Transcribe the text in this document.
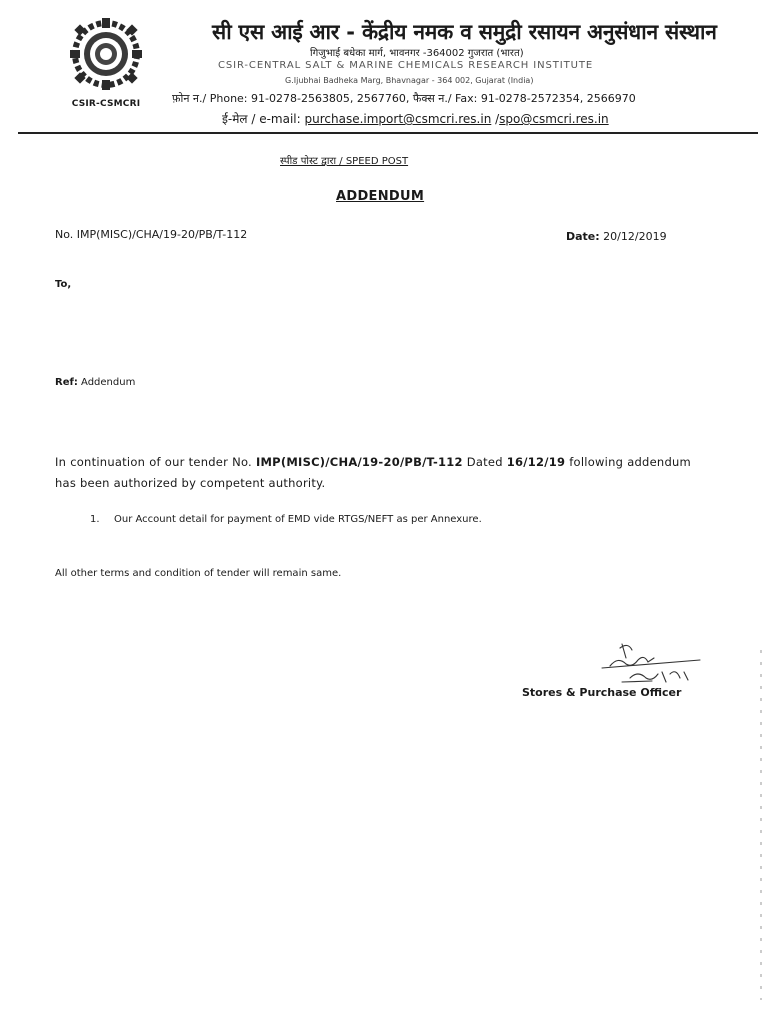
CSIR-CSMCRI
सी एस आई आर - केंद्रीय नमक व समुद्री रसायन अनुसंधान संस्थान
गिजुभाई बधेका मार्ग, भावनगर -364002 गुजरात (भारत)
CSIR-CENTRAL SALT & MARINE CHEMICALS RESEARCH INSTITUTE
G.Ijubhai Badheka Marg, Bhavnagar - 364 002, Gujarat (India)
फ़ोन न./ Phone: 91-0278-2563805, 2567760, फैक्स न./ Fax: 91-0278-2572354, 2566970
ई-मेल / e-mail: purchase.import@csmcri.res.in /spo@csmcri.res.in
स्पीड पोस्ट द्वारा / SPEED POST
ADDENDUM
No. IMP(MISC)/CHA/19-20/PB/T-112	Date: 20/12/2019
To,
Ref: Addendum
In continuation of our tender No. IMP(MISC)/CHA/19-20/PB/T-112 Dated 16/12/19 following addendum has been authorized by competent authority.
1. Our Account detail for payment of EMD vide RTGS/NEFT as per Annexure.
All other terms and condition of tender will remain same.
Stores & Purchase Officer
